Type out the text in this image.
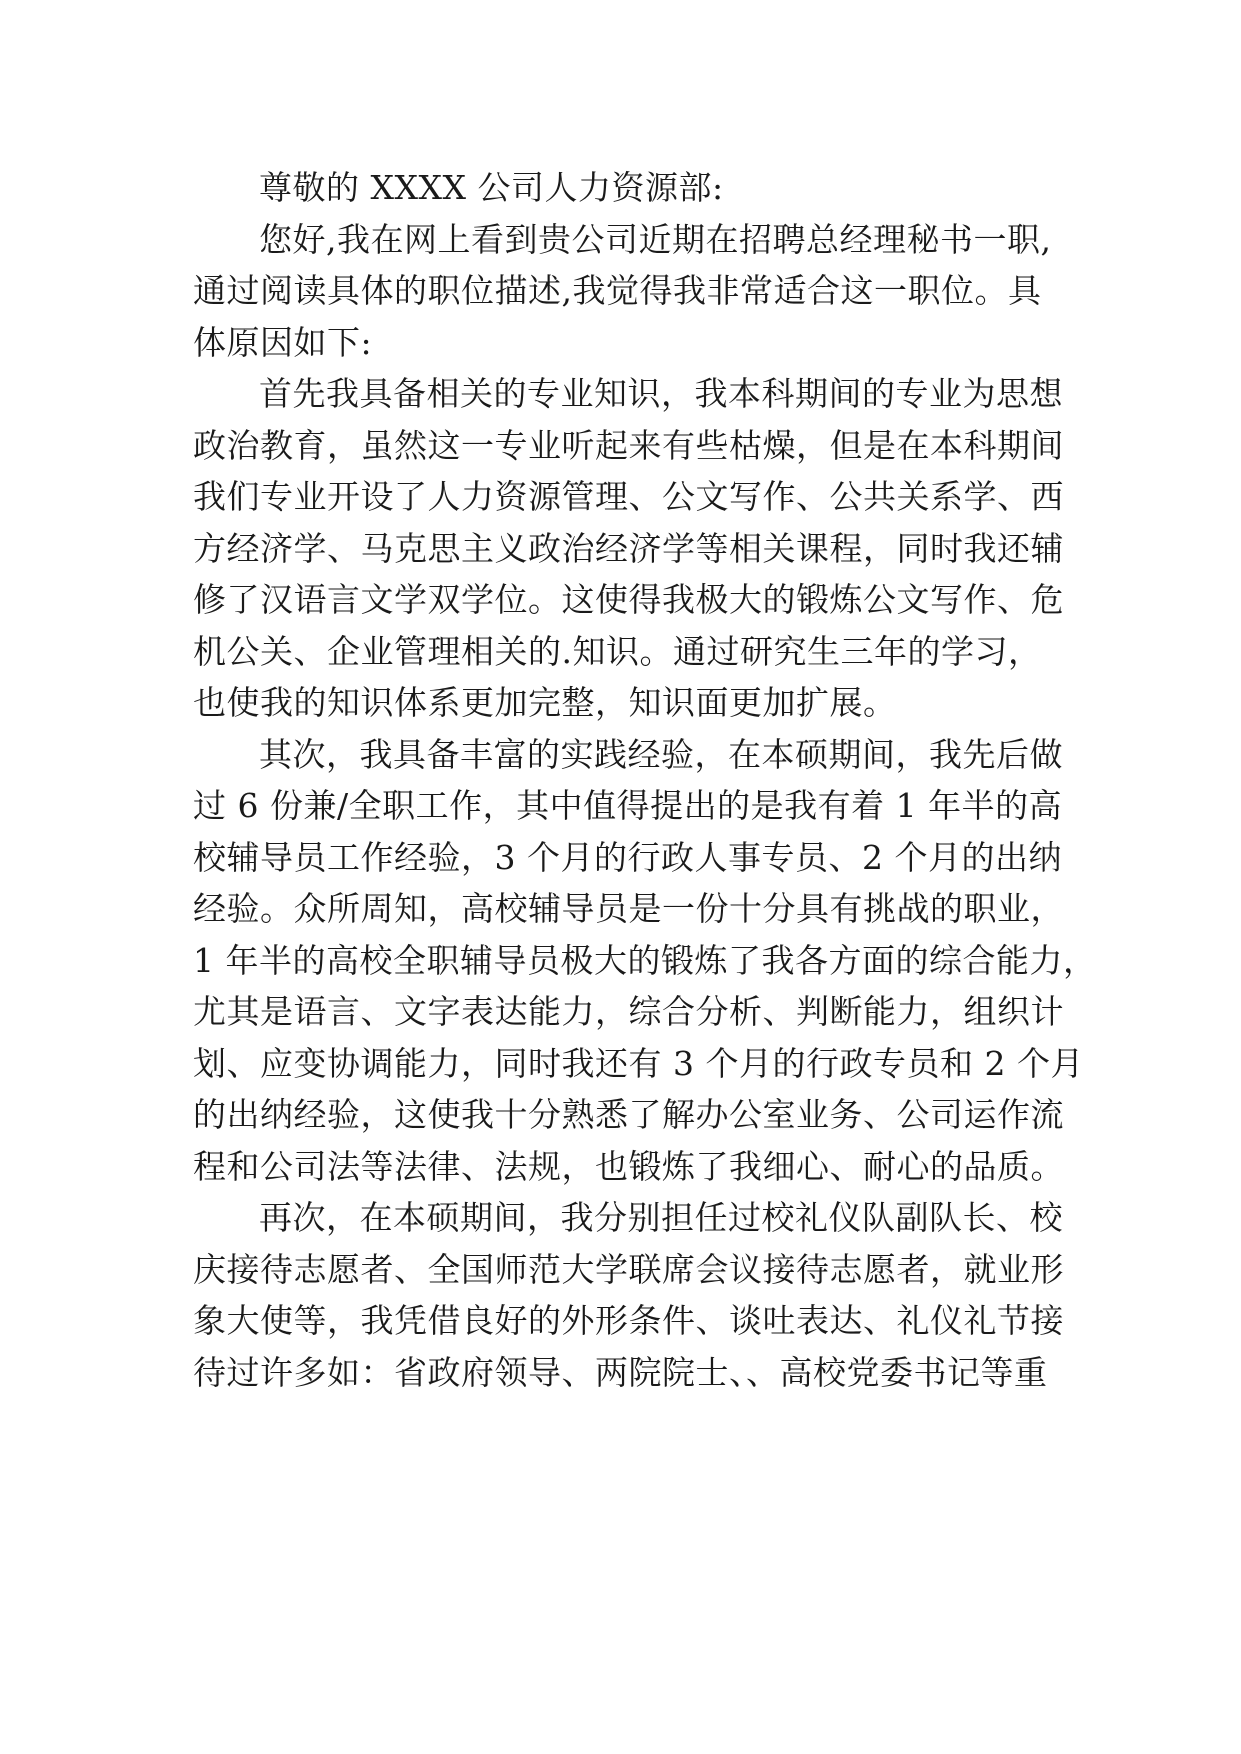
尊敬的 XXXX 公司人力资源部:
您好,我在网上看到贵公司近期在招聘总经理秘书一职,
通过阅读具体的职位描述,我觉得我非常适合这一职位。具
体原因如下:
首先我具备相关的专业知识，我本科期间的专业为思想
政治教育，虽然这一专业听起来有些枯燥，但是在本科期间
我们专业开设了人力资源管理、公文写作、公共关系学、西
方经济学、马克思主义政治经济学等相关课程，同时我还辅
修了汉语言文学双学位。这使得我极大的锻炼公文写作、危
机公关、企业管理相关的.知识。通过研究生三年的学习，
也使我的知识体系更加完整，知识面更加扩展。
其次，我具备丰富的实践经验，在本硕期间，我先后做
过 6 份兼/全职工作，其中值得提出的是我有着 1 年半的高
校辅导员工作经验，3 个月的行政人事专员、2 个月的出纳
经验。众所周知，高校辅导员是一份十分具有挑战的职业，
1 年半的高校全职辅导员极大的锻炼了我各方面的综合能力，
尤其是语言、文字表达能力，综合分析、判断能力，组织计
划、应变协调能力，同时我还有 3 个月的行政专员和 2 个月
的出纳经验，这使我十分熟悉了解办公室业务、公司运作流
程和公司法等法律、法规，也锻炼了我细心、耐心的品质。
再次，在本硕期间，我分别担任过校礼仪队副队长、校
庆接待志愿者、全国师范大学联席会议接待志愿者，就业形
象大使等，我凭借良好的外形条件、谈吐表达、礼仪礼节接
待过许多如：省政府领导、两院院士、、高校党委书记等重
